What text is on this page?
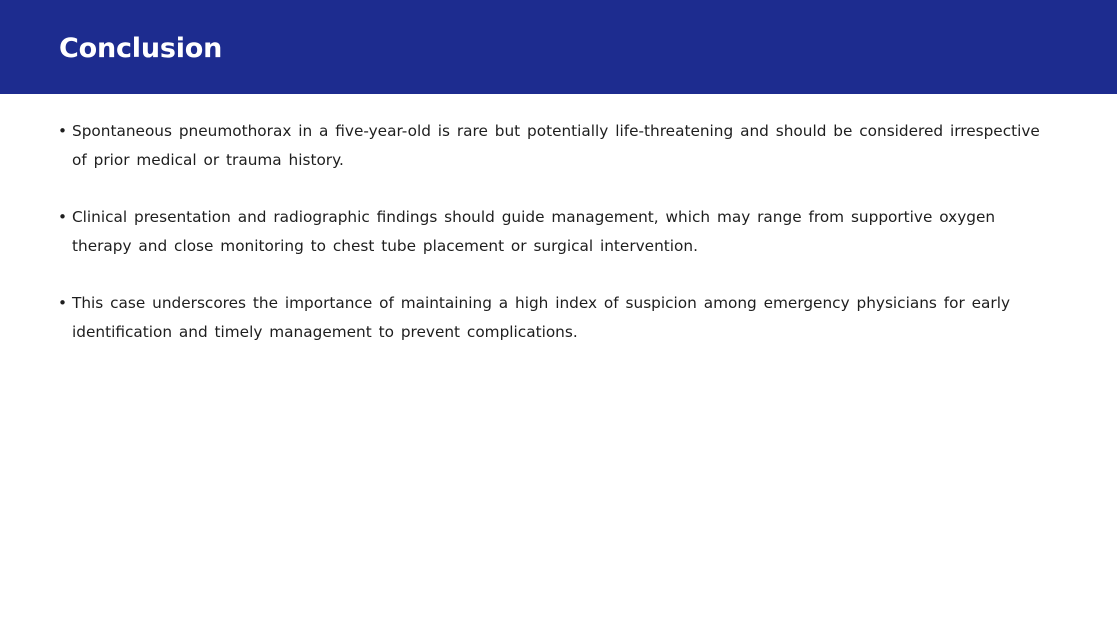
Conclusion
• Spontaneous pneumothorax in a five-year-old is rare but potentially life-threatening and should be considered irrespective of prior medical or trauma history.
• Clinical presentation and radiographic findings should guide management, which may range from supportive oxygen therapy and close monitoring to chest tube placement or surgical intervention.
• This case underscores the importance of maintaining a high index of suspicion among emergency physicians for early identification and timely management to prevent complications.
